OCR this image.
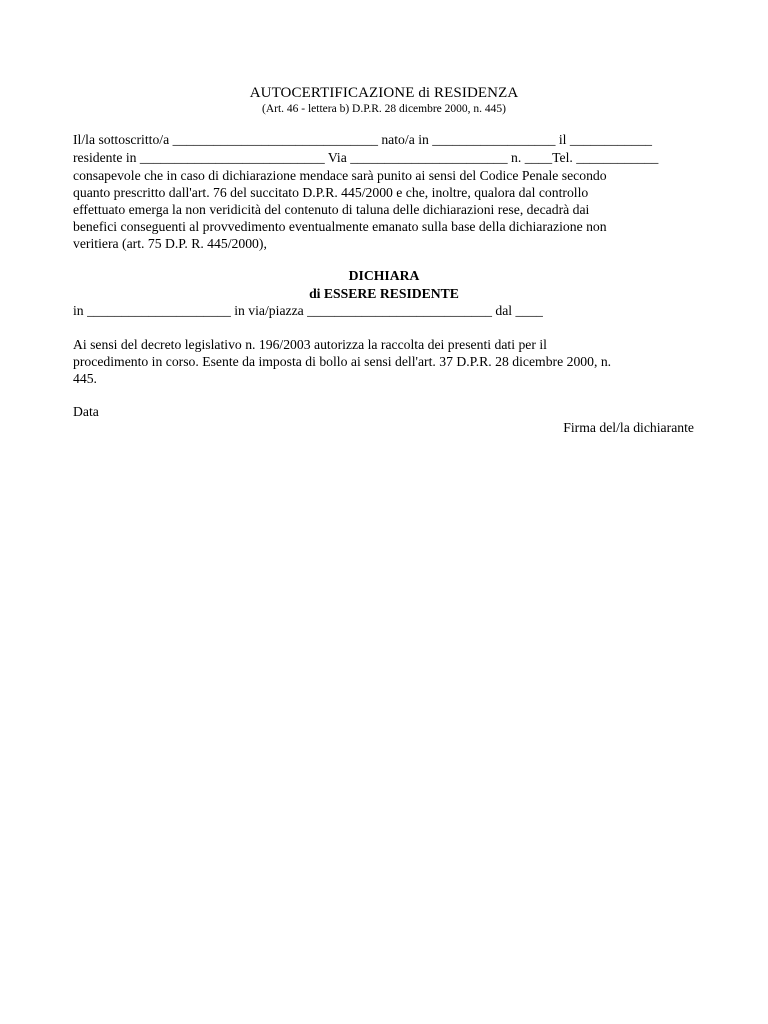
AUTOCERTIFICAZIONE di RESIDENZA
(Art. 46 - lettera b) D.P.R. 28 dicembre 2000, n. 445)
Il/la sottoscritto/a ______________________________ nato/a in __________________ il ____________
residente in ___________________________ Via _______________________ n. ____Tel. ____________
consapevole che in caso di dichiarazione mendace sarà punito ai sensi del Codice Penale secondo
quanto prescritto dall'art. 76 del succitato D.P.R. 445/2000 e che, inoltre, qualora dal controllo
effettuato emerga la non veridicità del contenuto di taluna delle dichiarazioni rese, decadrà dai
benefici conseguenti al provvedimento eventualmente emanato sulla base della dichiarazione non
veritiera (art. 75 D.P. R. 445/2000),
DICHIARA
di ESSERE RESIDENTE
in _____________________ in via/piazza ___________________________ dal ____
Ai sensi del decreto legislativo n. 196/2003 autorizza la raccolta dei presenti dati per il
procedimento in corso. Esente da imposta di bollo ai sensi dell'art. 37 D.P.R. 28 dicembre 2000, n.
445.
Data
Firma del/la dichiarante
